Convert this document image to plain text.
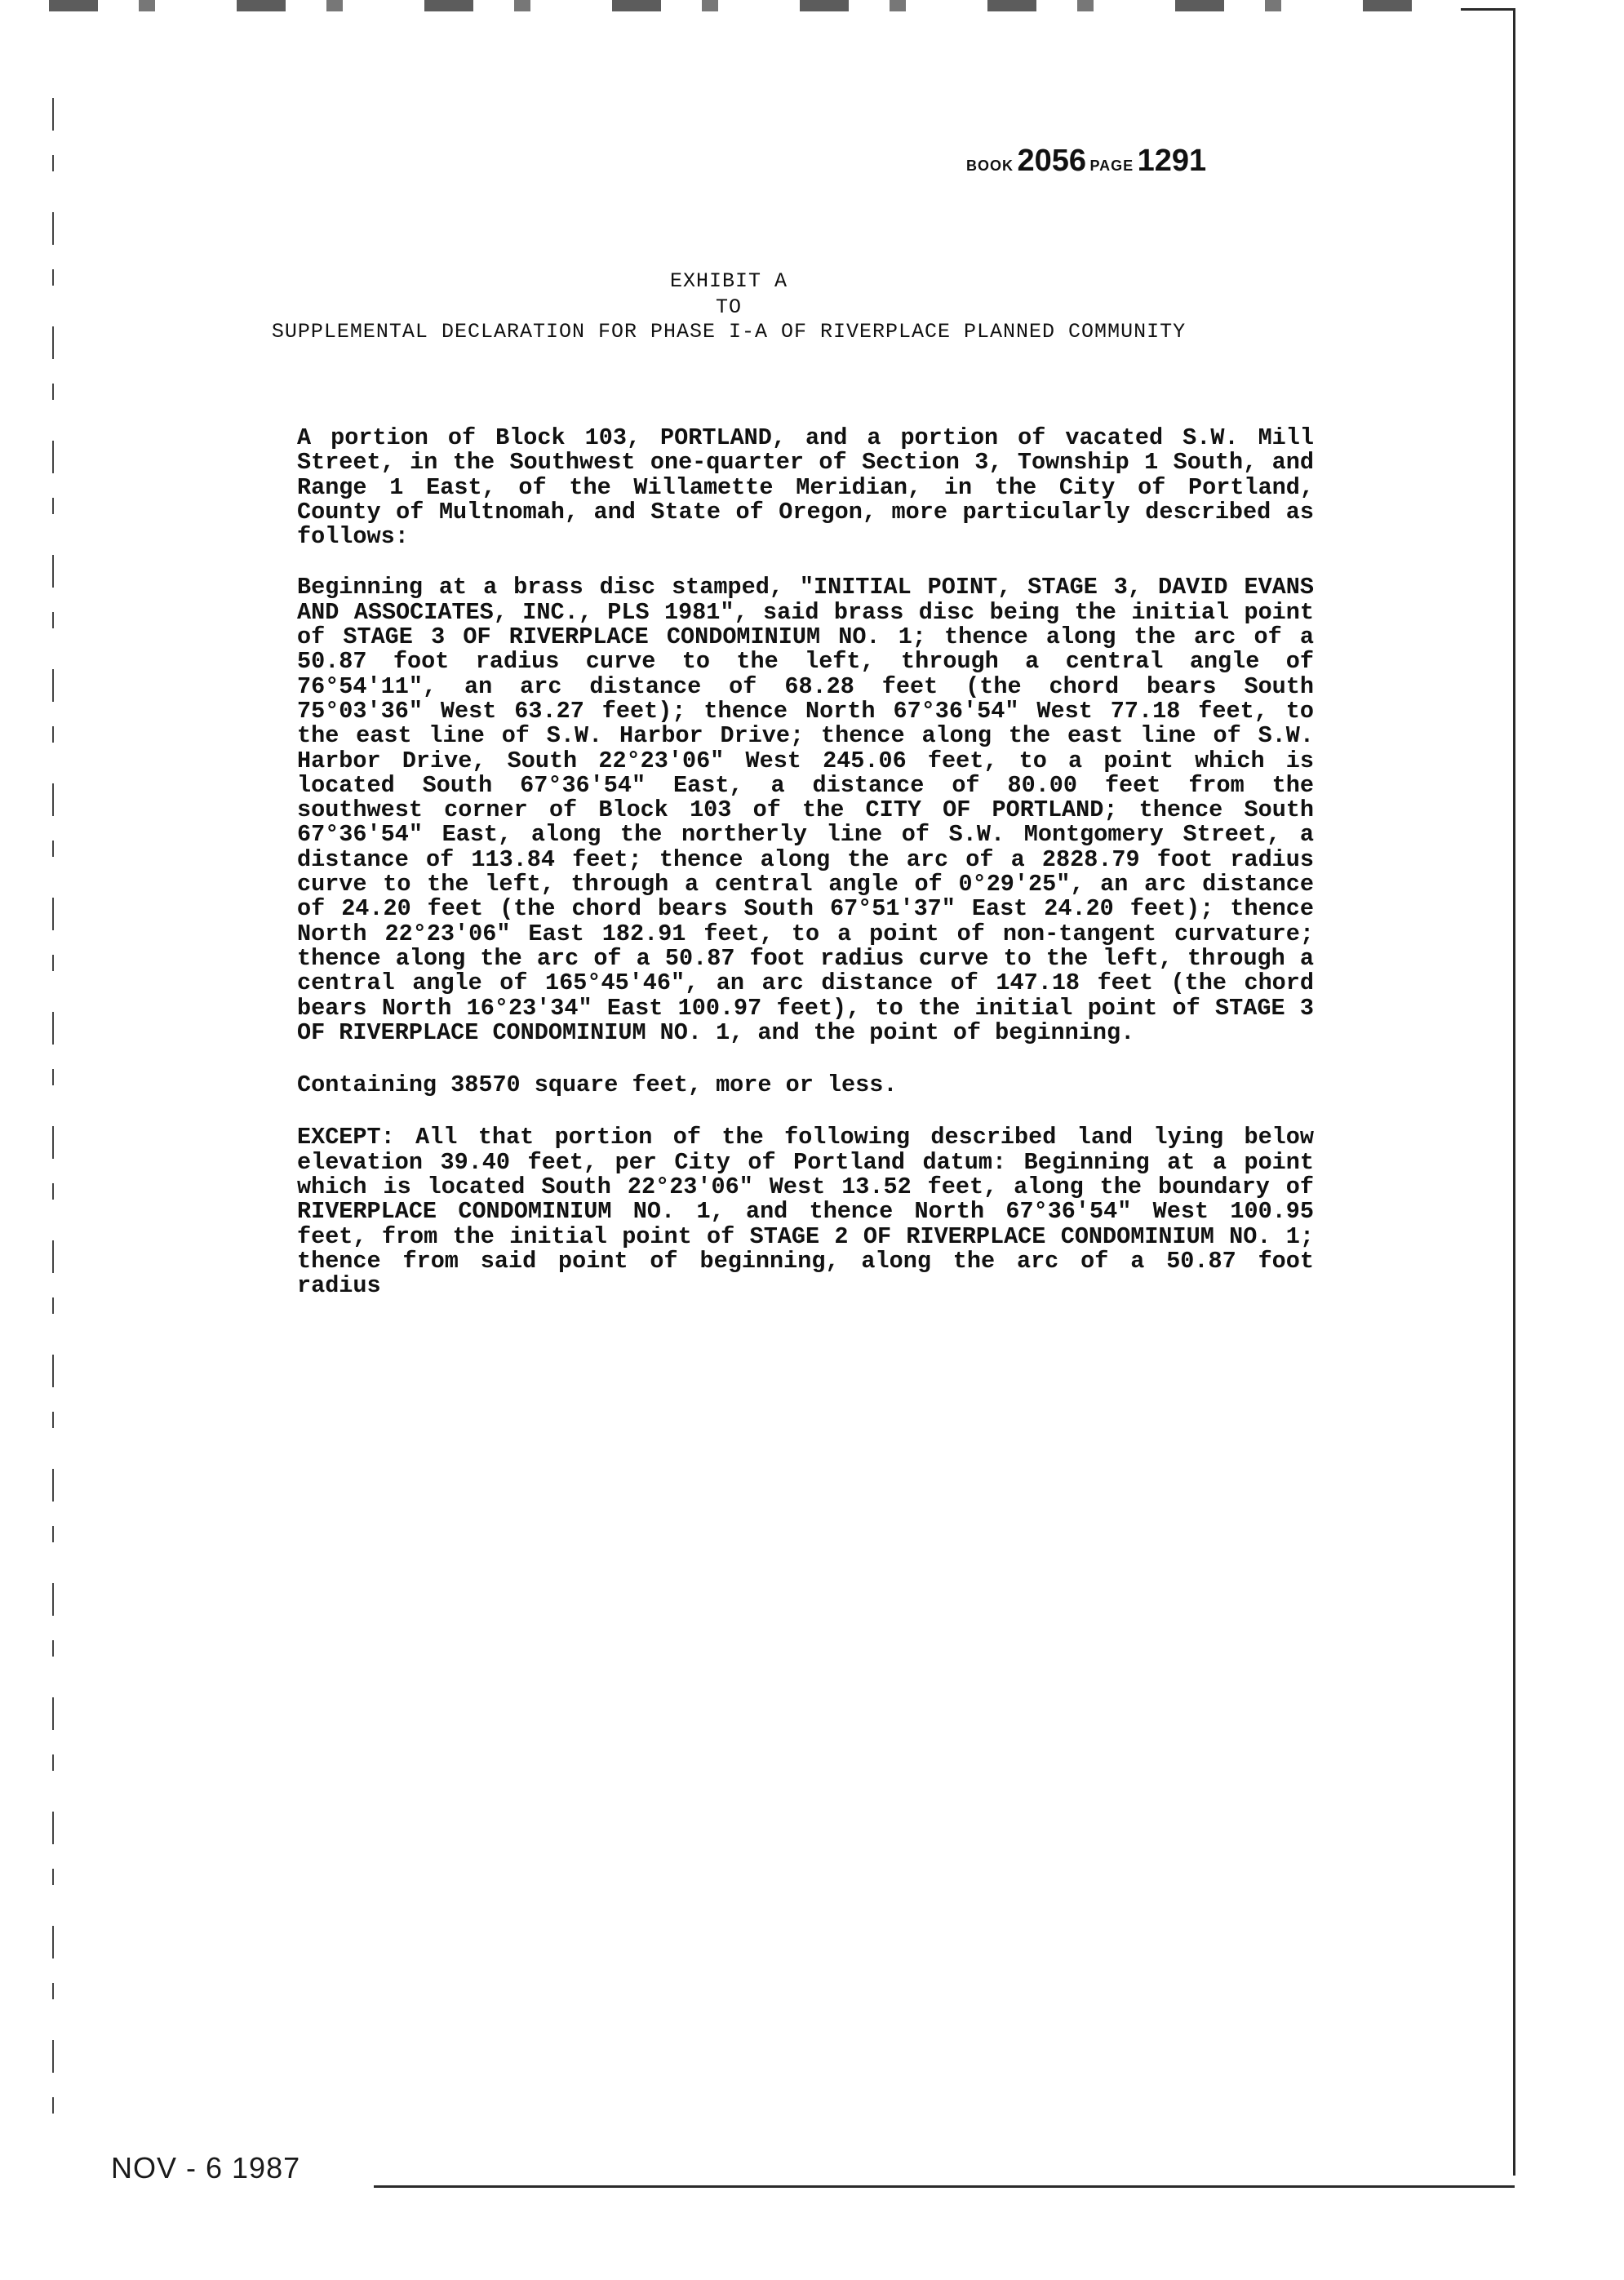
BOOK 2056 PAGE 1291
EXHIBIT A
TO
SUPPLEMENTAL DECLARATION FOR PHASE I-A OF RIVERPLACE PLANNED COMMUNITY

A portion of Block 103, PORTLAND, and a portion of vacated S.W. Mill Street, in the Southwest one-quarter of Section 3, Township 1 South, and Range 1 East, of the Willamette Meridian, in the City of Portland, County of Multnomah, and State of Oregon, more particularly described as follows:

Beginning at a brass disc stamped, "INITIAL POINT, STAGE 3, DAVID EVANS AND ASSOCIATES, INC., PLS 1981", said brass disc being the initial point of STAGE 3 OF RIVERPLACE CONDOMINIUM NO. 1; thence along the arc of a 50.87 foot radius curve to the left, through a central angle of 76°54'11", an arc distance of 68.28 feet (the chord bears South 75°03'36" West 63.27 feet); thence North 67°36'54" West 77.18 feet, to the east line of S.W. Harbor Drive; thence along the east line of S.W. Harbor Drive, South 22°23'06" West 245.06 feet, to a point which is located South 67°36'54" East, a distance of 80.00 feet from the southwest corner of Block 103 of the CITY OF PORTLAND; thence South 67°36'54" East, along the northerly line of S.W. Montgomery Street, a distance of 113.84 feet; thence along the arc of a 2828.79 foot radius curve to the left, through a central angle of 0°29'25", an arc distance of 24.20 feet (the chord bears South 67°51'37" East 24.20 feet); thence North 22°23'06" East 182.91 feet, to a point of non-tangent curvature; thence along the arc of a 50.87 foot radius curve to the left, through a central angle of 165°45'46", an arc distance of 147.18 feet (the chord bears North 16°23'34" East 100.97 feet), to the initial point of STAGE 3 OF RIVERPLACE CONDOMINIUM NO. 1, and the point of beginning.

Containing 38570 square feet, more or less.

EXCEPT: All that portion of the following described land lying below elevation 39.40 feet, per City of Portland datum: Beginning at a point which is located South 22°23'06" West 13.52 feet, along the boundary of RIVERPLACE CONDOMINIUM NO. 1, and thence North 67°36'54" West 100.95 feet, from the initial point of STAGE 2 OF RIVERPLACE CONDOMINIUM NO. 1; thence from said point of beginning, along the arc of a 50.87 foot radius

NOV - 6 1987
